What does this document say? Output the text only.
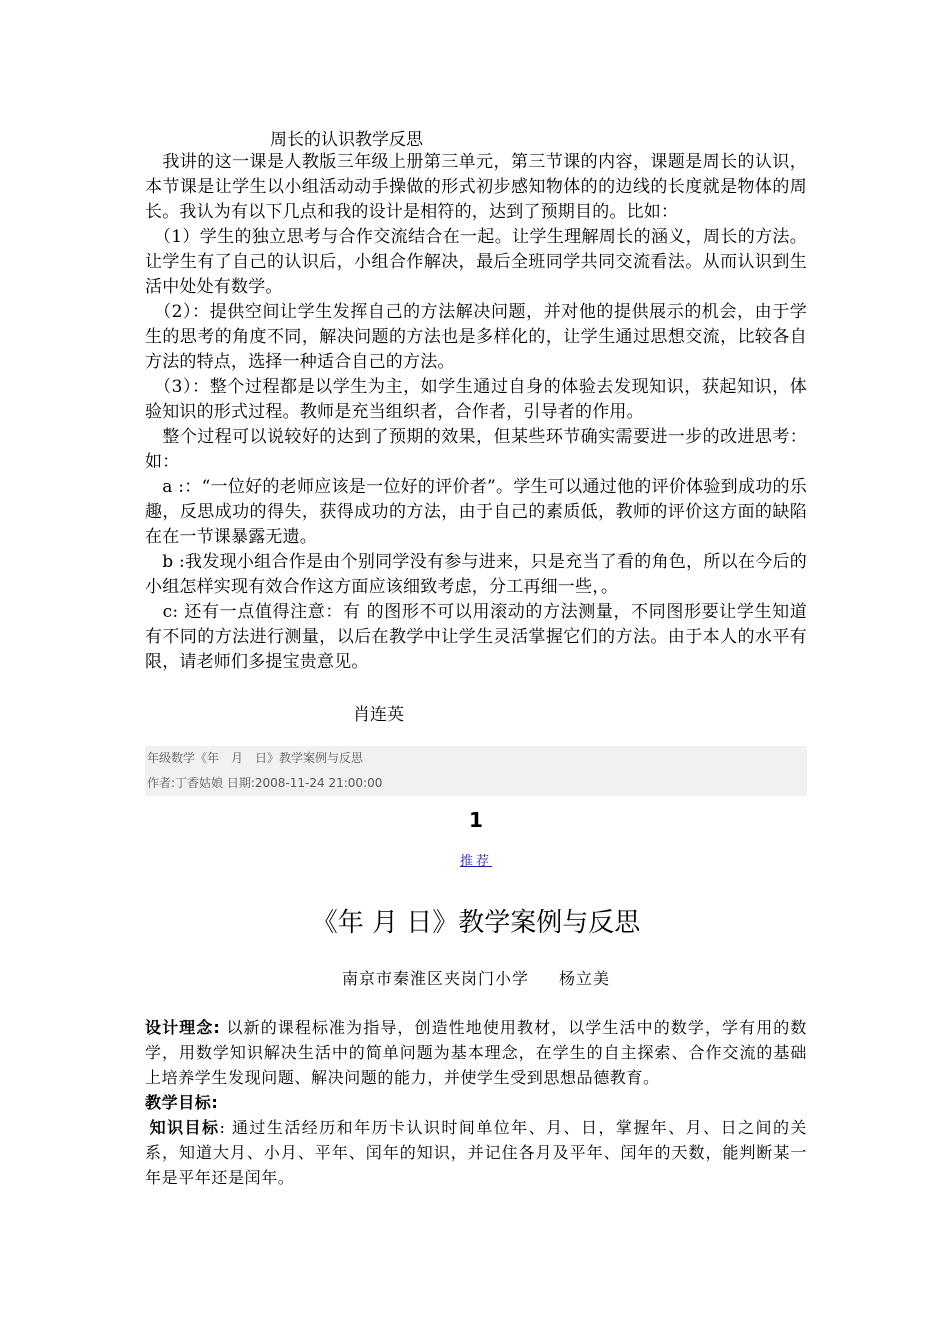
周长的认识教学反思

　我讲的这一课是人教版三年级上册第三单元，第三节课的内容，课题是周长的认识，本节课是让学生以小组活动动手操做的形式初步感知物体的的边线的长度就是物体的周长。我认为有以下几点和我的设计是相符的，达到了预期目的。比如：

　（1）学生的独立思考与合作交流结合在一起。让学生理解周长的涵义，周长的方法。让学生有了自己的认识后，小组合作解决，最后全班同学共同交流看法。从而认识到生活中处处有数学。

　（2）：提供空间让学生发挥自己的方法解决问题，并对他的提供展示的机会，由于学生的思考的角度不同，解决问题的方法也是多样化的，让学生通过思想交流，比较各自方法的特点，选择一种适合自己的方法。

　（3）：整个过程都是以学生为主，如学生通过自身的体验去发现知识，获起知识，体验知识的形式过程。教师是充当组织者，合作者，引导者的作用。

　整个过程可以说较好的达到了预期的效果，但某些环节确实需要进一步的改进思考：如：

　a :：“一位好的老师应该是一位好的评价者”。学生可以通过他的评价体验到成功的乐趣，反思成功的得失，获得成功的方法，由于自己的素质低，教师的评价这方面的缺陷在在一节课暴露无遗。

　b :我发现小组合作是由个别同学没有参与进来，只是充当了看的角色，所以在今后的小组怎样实现有效合作这方面应该细致考虑，分工再细一些，。

　c: 还有一点值得注意：有 的图形不可以用滚动的方法测量，不同图形要让学生知道有不同的方法进行测量，以后在教学中让学生灵活掌握它们的方法。由于本人的水平有限，请老师们多提宝贵意见。

肖连英
年级数学《年　月　日》教学案例与反思
作者:丁香姑娘 日期:2008-11-24 21:00:00
1
推荐
《年 月 日》教学案例与反思
南京市秦淮区夹岗门小学 杨立美

设计理念: 以新的课程标准为指导，创造性地使用教材，以学生活中的数学，学有用的数学，用数学知识解决生活中的简单问题为基本理念，在学生的自主探索、合作交流的基础上培养学生发现问题、解决问题的能力，并使学生受到思想品德教育。

教学目标:

 知识目标: 通过生活经历和年历卡认识时间单位年、月、日，掌握年、月、日之间的关系，知道大月、小月、平年、闰年的知识，并记住各月及平年、闰年的天数，能判断某一年是平年还是闰年。
